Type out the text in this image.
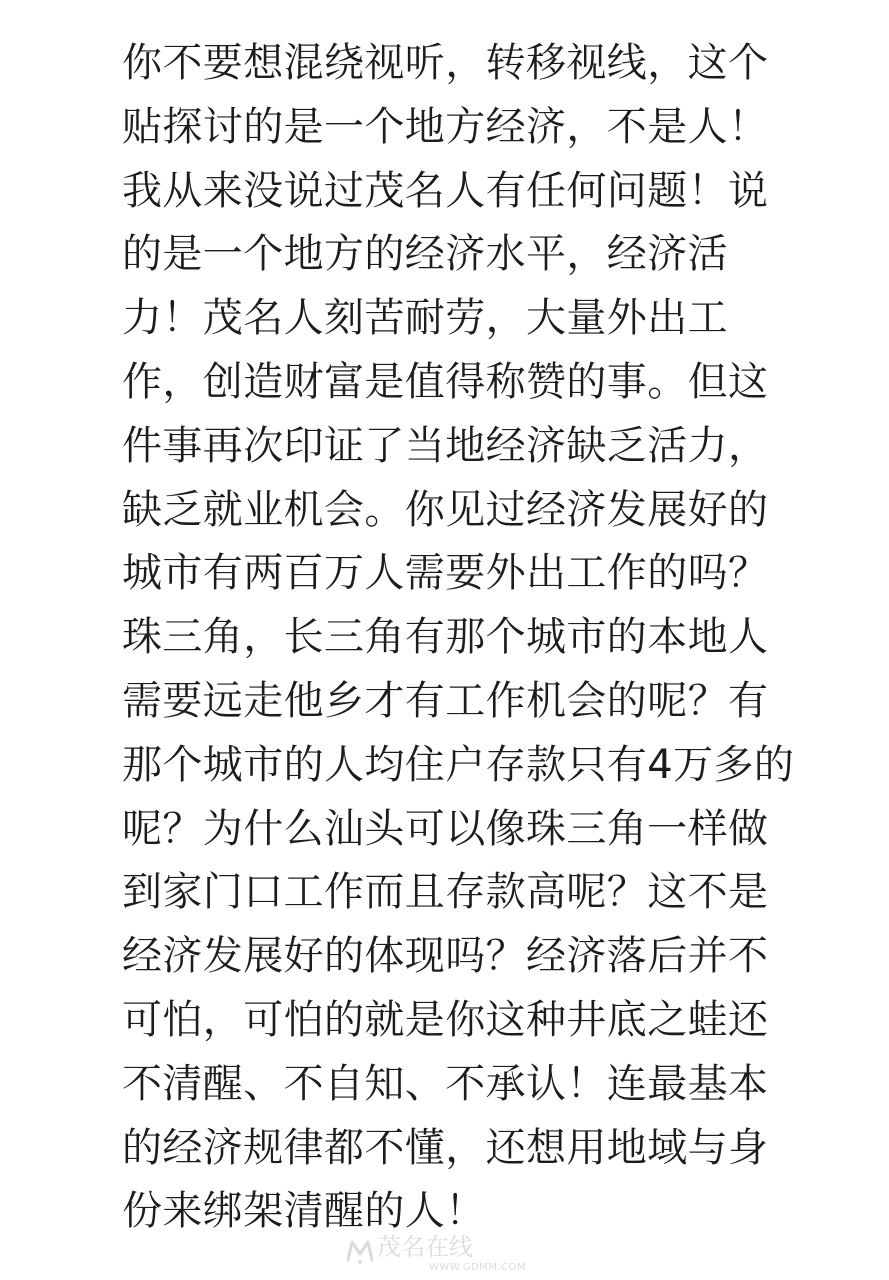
你不要想混绕视听，转移视线，这个
贴探讨的是一个地方经济，不是人！
我从来没说过茂名人有任何问题！说
的是一个地方的经济水平，经济活
力！茂名人刻苦耐劳，大量外出工
作，创造财富是值得称赞的事。但这
件事再次印证了当地经济缺乏活力，
缺乏就业机会。你见过经济发展好的
城市有两百万人需要外出工作的吗？
珠三角，长三角有那个城市的本地人
需要远走他乡才有工作机会的呢？有
那个城市的人均住户存款只有4万多的
呢？为什么汕头可以像珠三角一样做
到家门口工作而且存款高呢？这不是
经济发展好的体现吗？经济落后并不
可怕，可怕的就是你这种井底之蛙还
不清醒、不自知、不承认！连最基本
的经济规律都不懂，还想用地域与身
份来绑架清醒的人！
茂名在线
WWW.GDMM.COM
